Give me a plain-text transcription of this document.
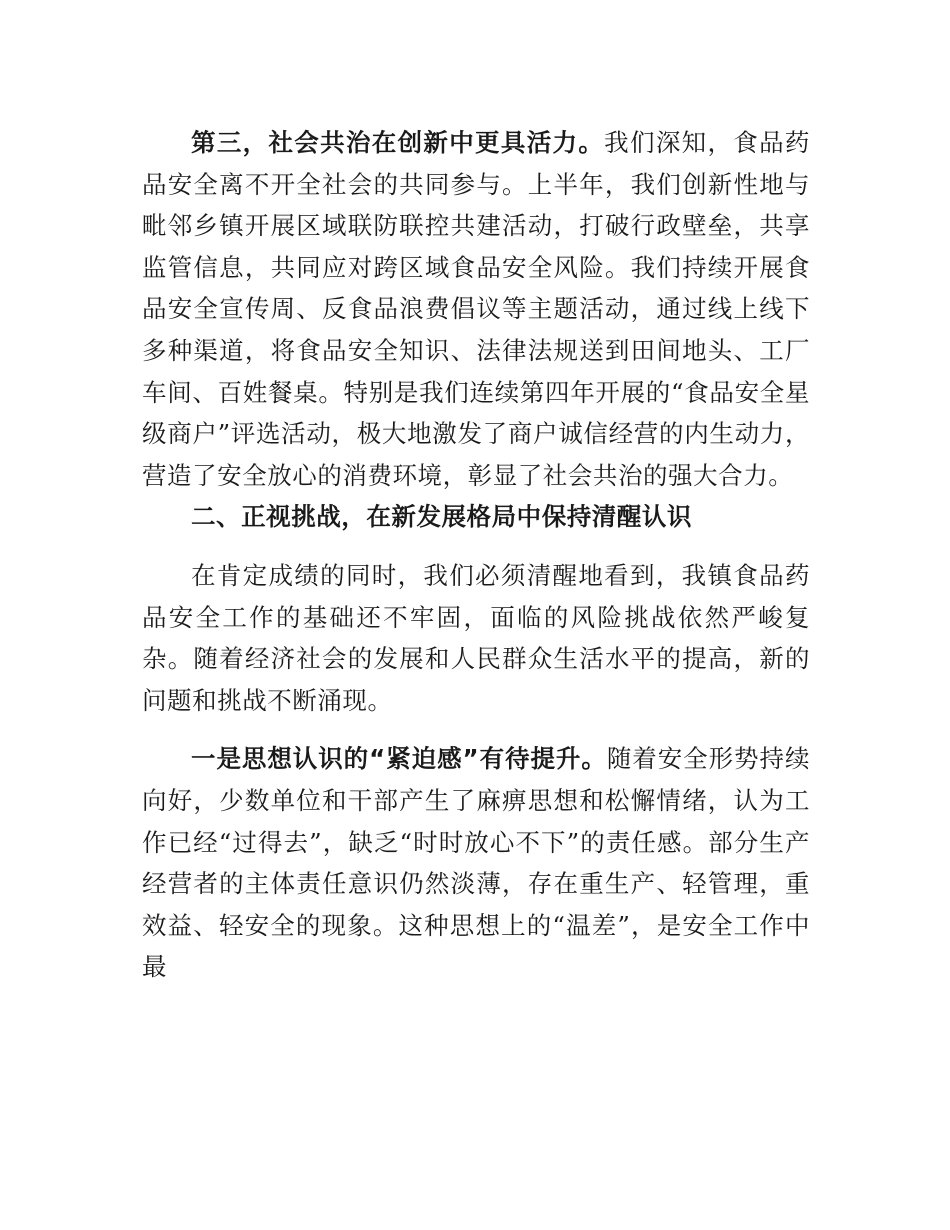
第三，社会共治在创新中更具活力。我们深知，食品药品安全离不开全社会的共同参与。上半年，我们创新性地与毗邻乡镇开展区域联防联控共建活动，打破行政壁垒，共享监管信息，共同应对跨区域食品安全风险。我们持续开展食品安全宣传周、反食品浪费倡议等主题活动，通过线上线下多种渠道，将食品安全知识、法律法规送到田间地头、工厂车间、百姓餐桌。特别是我们连续第四年开展的“食品安全星级商户”评选活动，极大地激发了商户诚信经营的内生动力，营造了安全放心的消费环境，彰显了社会共治的强大合力。

二、正视挑战，在新发展格局中保持清醒认识

在肯定成绩的同时，我们必须清醒地看到，我镇食品药品安全工作的基础还不牢固，面临的风险挑战依然严峻复杂。随着经济社会的发展和人民群众生活水平的提高，新的问题和挑战不断涌现。

一是思想认识的“紧迫感”有待提升。随着安全形势持续向好，少数单位和干部产生了麻痹思想和松懈情绪，认为工作已经“过得去”，缺乏“时时放心不下”的责任感。部分生产经营者的主体责任意识仍然淡薄，存在重生产、轻管理，重效益、轻安全的现象。这种思想上的“温差”，是安全工作中最
